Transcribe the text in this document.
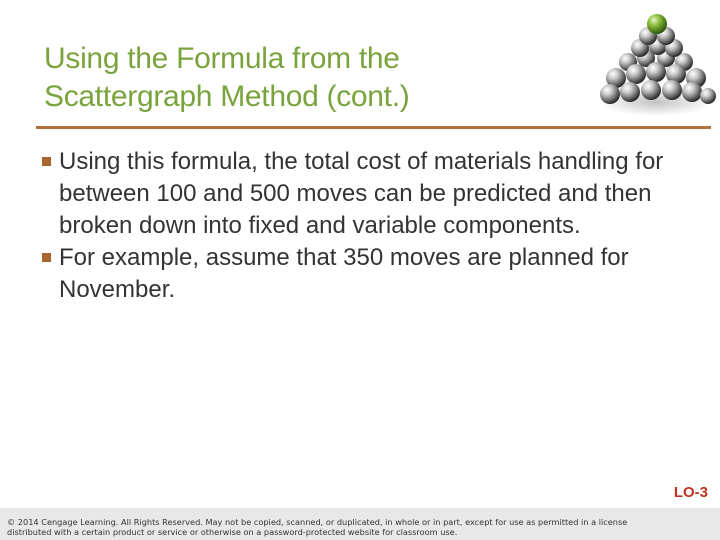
Using the Formula from the
Scattergraph Method (cont.)
Using this formula, the total cost of materials handling for between 100 and 500 moves can be predicted and then broken down into fixed and variable components.
For example, assume that 350 moves are planned for November.
LO-3
© 2014 Cengage Learning. All Rights Reserved. May not be copied, scanned, or duplicated, in whole or in part, except for use as permitted in a license
distributed with a certain product or service or otherwise on a password-protected website for classroom use.
